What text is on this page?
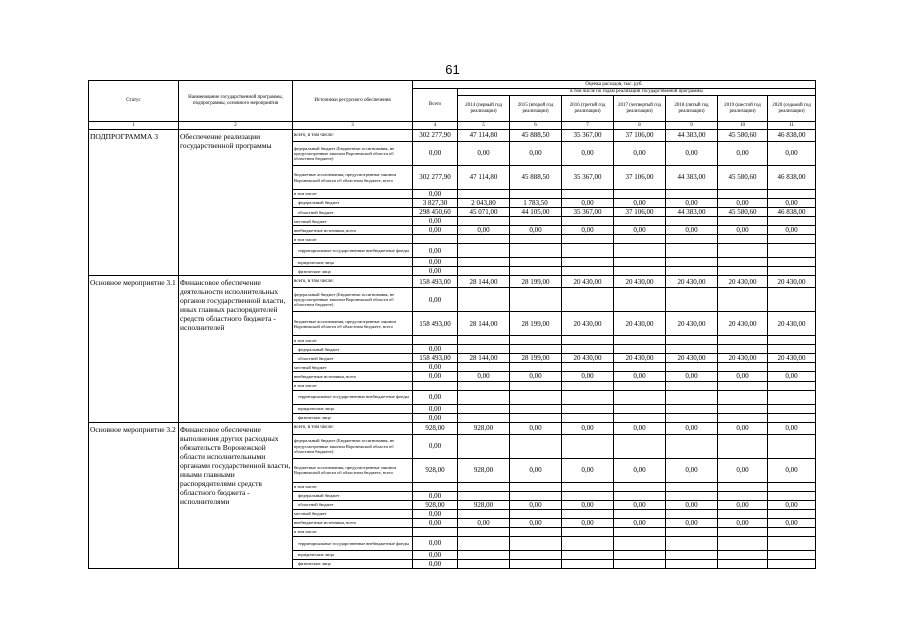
61
Статус	Наименование государственной программы, подпрограммы, основного мероприятия	Источники ресурсного обеспечения	Оценка расходов, тыс. руб.							
			Всего	в том числе по годам реализации государственной программы						
				2014 (первый год реализации)	2015 (второй год реализации)	2016 (третий год реализации)	2017 (четвертый год реализации)	2018 (пятый год реализации)	2019 (шестой год реализации)	2020 (седьмой год реализации)
1	2	3	4	5	6	7	8	9	10	11
ПОДПРОГРАММА 3	Обеспечение реализации государственной программы	всего, в том числе:	302 277,90	47 114,80	45 888,50	35 367,00	37 106,00	44 383,00	45 580,60	46 838,00
		федеральный бюджет (Бюджетные ассигнования, не предусмотренные законом Воронежской области об областном бюджете)	0,00	0,00	0,00	0,00	0,00	0,00	0,00	0,00
		бюджетные ассигнования, предусмотренные законом Воронежской области об областном бюджете, всего	302 277,90	47 114,80	45 888,50	35 367,00	37 106,00	44 383,00	45 580,60	46 838,00
		в том числе:	0,00							
		федеральный бюджет	3 827,30	2 043,80	1 783,50	0,00	0,00	0,00	0,00	0,00
		областной бюджет	298 450,60	45 071,00	44 105,00	35 367,00	37 106,00	44 383,00	45 580,60	46 838,00
		местный бюджет	0,00							
		внебюджетные источники, всего	0,00	0,00	0,00	0,00	0,00	0,00	0,00	0,00
		в том числе:								
		территориальные государственные внебюджетные фонды	0,00							
		юридические лица	0,00							
		физические лица	0,00							
Основное мероприятие 3.1	Финансовое обеспечение деятельности исполнительных органов государственной власти, иных главных распорядителей средств областного бюджета - исполнителей	всего, в том числе:	158 493,00	28 144,00	28 199,00	20 430,00	20 430,00	20 430,00	20 430,00	20 430,00
		федеральный бюджет (Бюджетные ассигнования, не предусмотренные законом Воронежской области об областном бюджете)	0,00							
		бюджетные ассигнования, предусмотренные законом Воронежской области об областном бюджете, всего	158 493,00	28 144,00	28 199,00	20 430,00	20 430,00	20 430,00	20 430,00	20 430,00
		в том числе:								
		федеральный бюджет	0,00							
		областной бюджет	158 493,00	28 144,00	28 199,00	20 430,00	20 430,00	20 430,00	20 430,00	20 430,00
		местный бюджет	0,00							
		внебюджетные источники, всего	0,00	0,00	0,00	0,00	0,00	0,00	0,00	0,00
		в том числе:								
		территориальные государственные внебюджетные фонды	0,00							
		юридические лица	0,00							
		физические лица	0,00							
Основное мероприятие 3.2	Финансовое обеспечение выполнения других расходных обязательств Воронежской области исполнительными органами государственной власти, иными главными распорядителями средств областного бюджета - исполнителями	всего, в том числе:	928,00	928,00	0,00	0,00	0,00	0,00	0,00	0,00
		федеральный бюджет (Бюджетные ассигнования, не предусмотренные законом Воронежской области об областном бюджете)	0,00							
		бюджетные ассигнования, предусмотренные законом Воронежской области об областном бюджете, всего	928,00	928,00	0,00	0,00	0,00	0,00	0,00	0,00
		в том числе:								
		федеральный бюджет	0,00							
		областной бюджет	928,00	928,00	0,00	0,00	0,00	0,00	0,00	0,00
		местный бюджет	0,00							
		внебюджетные источники, всего	0,00	0,00	0,00	0,00	0,00	0,00	0,00	0,00
		в том числе:								
		территориальные государственные внебюджетные фонды	0,00							
		юридические лица	0,00							
		физические лица	0,00							
